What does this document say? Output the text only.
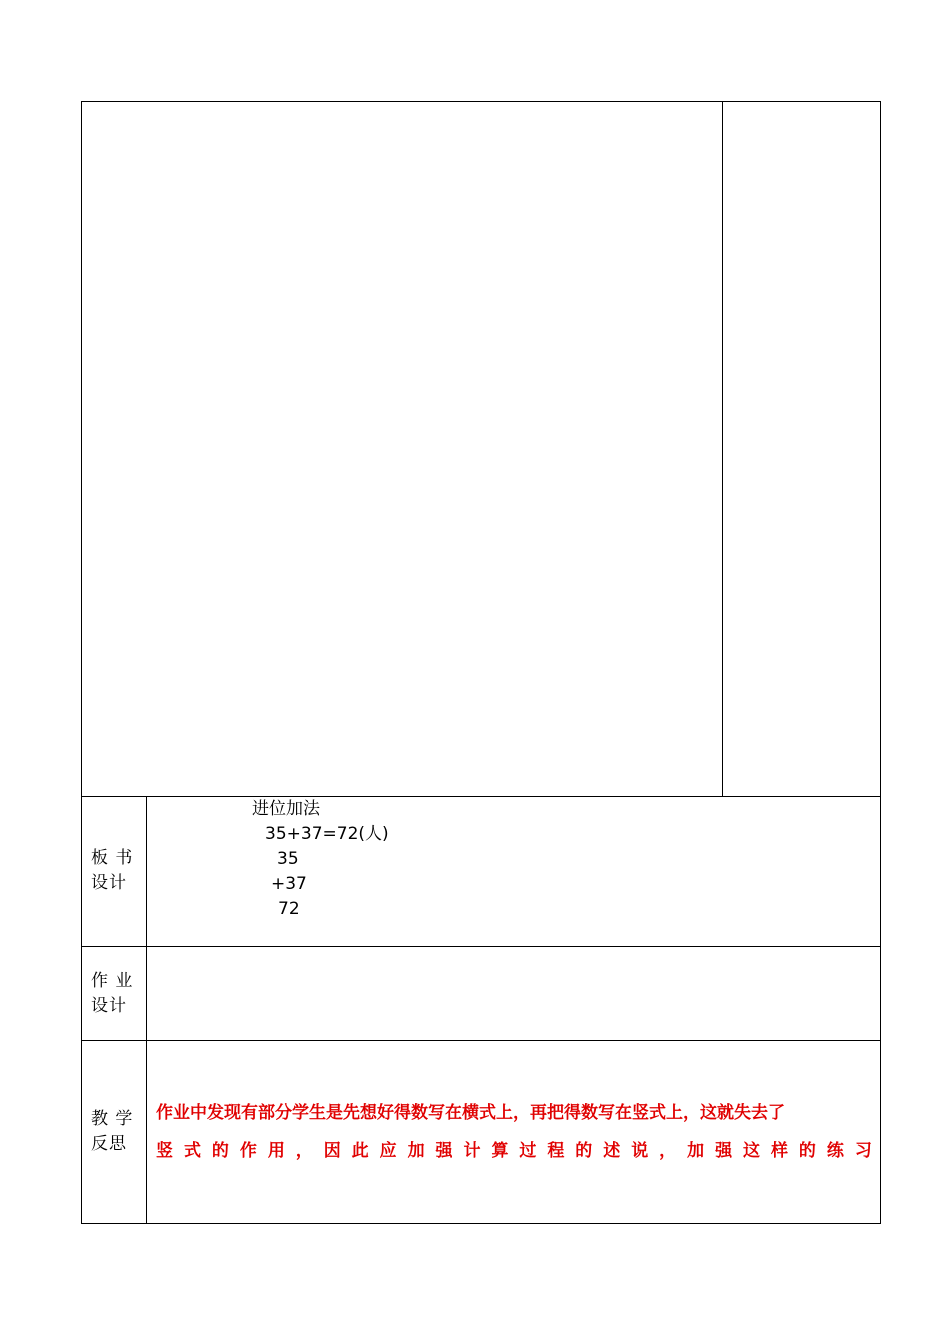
板 书
设计
进位加法
35+37=72(人)
35
+37
72
作 业
设计
教 学
反思
作业中发现有部分学生是先想好得数写在横式上，再把得数写在竖式上，这就失去了
竖 式 的 作 用 ， 因 此 应 加 强 计 算 过 程 的 述 说 ， 加 强 这 样 的 练 习
